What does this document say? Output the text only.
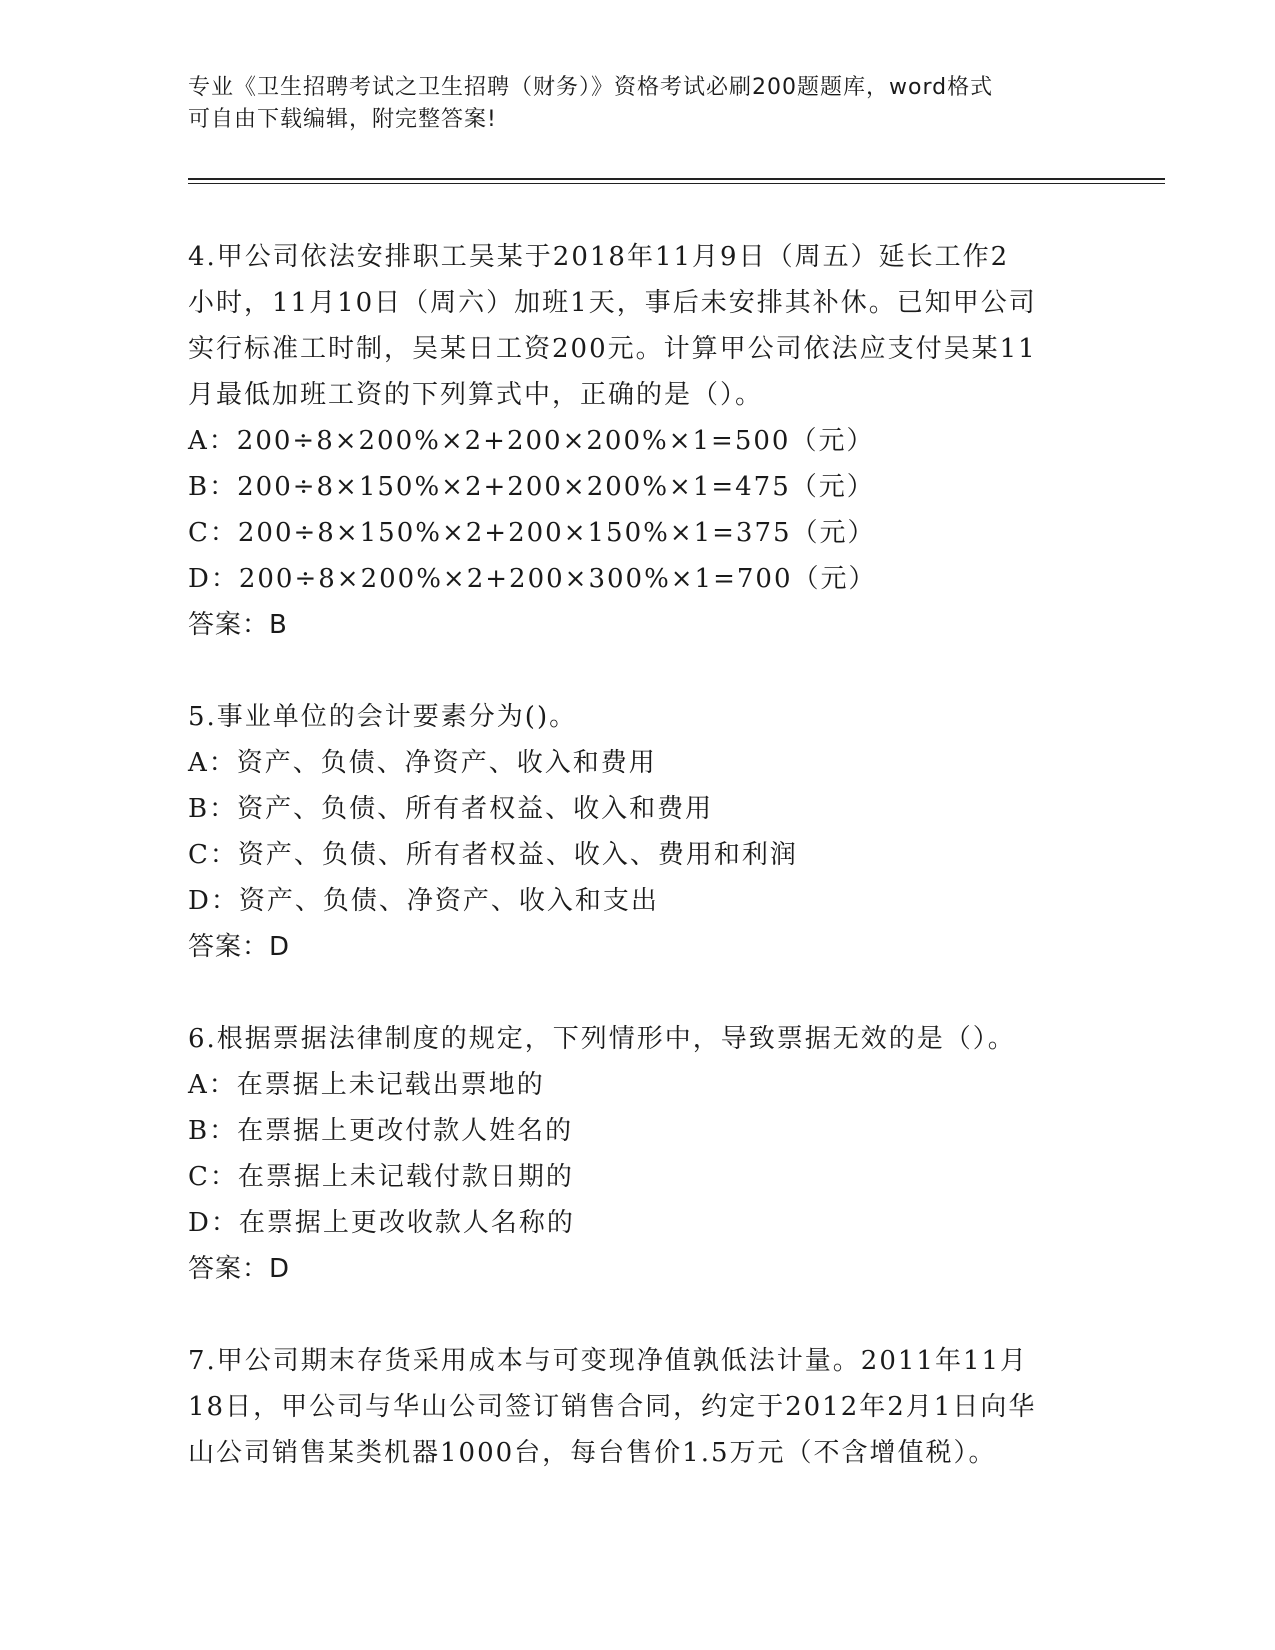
专业《卫生招聘考试之卫生招聘（财务）》资格考试必刷200题题库，word格式
可自由下载编辑，附完整答案!

4.甲公司依法安排职工吴某于2018年11月9日（周五）延长工作2

小时，11月10日（周六）加班1天，事后未安排其补休。已知甲公司

实行标准工时制，吴某日工资200元。计算甲公司依法应支付吴某11

月最低加班工资的下列算式中，正确的是（）。

A：200÷8×200%×2+200×200%×1=500（元）

B：200÷8×150%×2+200×200%×1=475（元）

C：200÷8×150%×2+200×150%×1=375（元）

D：200÷8×200%×2+200×300%×1=700（元）

答案：B

5.事业单位的会计要素分为()。

A：资产、负债、净资产、收入和费用

B：资产、负债、所有者权益、收入和费用

C：资产、负债、所有者权益、收入、费用和利润

D：资产、负债、净资产、收入和支出

答案：D

6.根据票据法律制度的规定，下列情形中，导致票据无效的是（）。

A：在票据上未记载出票地的

B：在票据上更改付款人姓名的

C：在票据上未记载付款日期的

D：在票据上更改收款人名称的

答案：D

7.甲公司期末存货采用成本与可变现净值孰低法计量。2011年11月

18日，甲公司与华山公司签订销售合同，约定于2012年2月1日向华

山公司销售某类机器1000台，每台售价1.5万元（不含增值税）。
